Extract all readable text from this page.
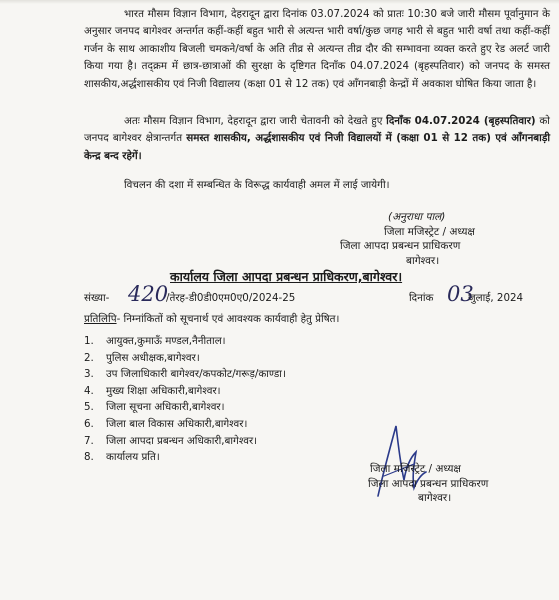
भारत मौसम विज्ञान विभाग, देहरादून द्वारा दिनांक 03.07.2024 को प्रातः 10:30 बजे जारी मौसम पूर्वानुमान के अनुसार जनपद बागेश्वर अन्तर्गत कहीं-कहीं बहुत भारी से अत्यन्त भारी वर्षा/कुछ जगह भारी से बहुत भारी वर्षा तथा कहीं-कहीं गर्जन के साथ आकाशीय बिजली चमकने/वर्षा के अति तीव्र से अत्यन्त तीव्र दौर की सम्भावना व्यक्त करते हुए रेड अलर्ट जारी किया गया है। तद्क्रम में छात्र-छात्राओं की सुरक्षा के दृष्टिगत दिनाँक 04.07.2024 (बृहस्पतिवार) को जनपद के समस्त शासकीय,अर्द्धशासकीय एवं निजी विद्यालय (कक्षा 01 से 12 तक) एवं आँगनबाड़ी केन्द्रों में अवकाश घोषित किया जाता है।

अतः मौसम विज्ञान विभाग, देहरादून द्वारा जारी चेतावनी को देखते हुए दिनाँक 04.07.2024 (बृहस्पतिवार) को जनपद बागेश्वर क्षेत्रान्तर्गत समस्त शासकीय, अर्द्धशासकीय एवं निजी विद्यालयों में (कक्षा 01 से 12 तक) एवं आँगनबाड़ी केन्द्र बन्द रहेगें।

विचलन की दशा में सम्बन्धित के विरूद्ध कार्यवाही अमल में लाई जायेगी।

(अनुराधा पाल)
जिला मजिस्ट्रेट / अध्यक्ष
जिला आपदा प्रबन्धन प्राधिकरण
बागेश्वर।
कार्यालय जिला आपदा प्रबन्धन प्राधिकरण,बागेश्वर।
संख्या- 420
/तेरह-डी0डी0एम0ए0/2024-25	दिनांक 03
जुलाई, 2024
प्रतिलिपि- निम्नांकितों को सूचनार्थ एवं आवश्यक कार्यवाही हेतु प्रेषित।
1. आयुक्त,कुमाऊँ मण्डल,नैनीताल।
2. पुलिस अधीक्षक,बागेश्वर।
3. उप जिलाधिकारी बागेश्वर/कपकोट/गरूड़/काण्डा।
4. मुख्य शिक्षा अधिकारी,बागेश्वर।
5. जिला सूचना अधिकारी,बागेश्वर।
6. जिला बाल विकास अधिकारी,बागेश्वर।
7. जिला आपदा प्रबन्धन अधिकारी,बागेश्वर।
8. कार्यालय प्रति।
जिला मजिस्ट्रेट / अध्यक्ष
जिला आपदा प्रबन्धन प्राधिकरण
बागेश्वर।
